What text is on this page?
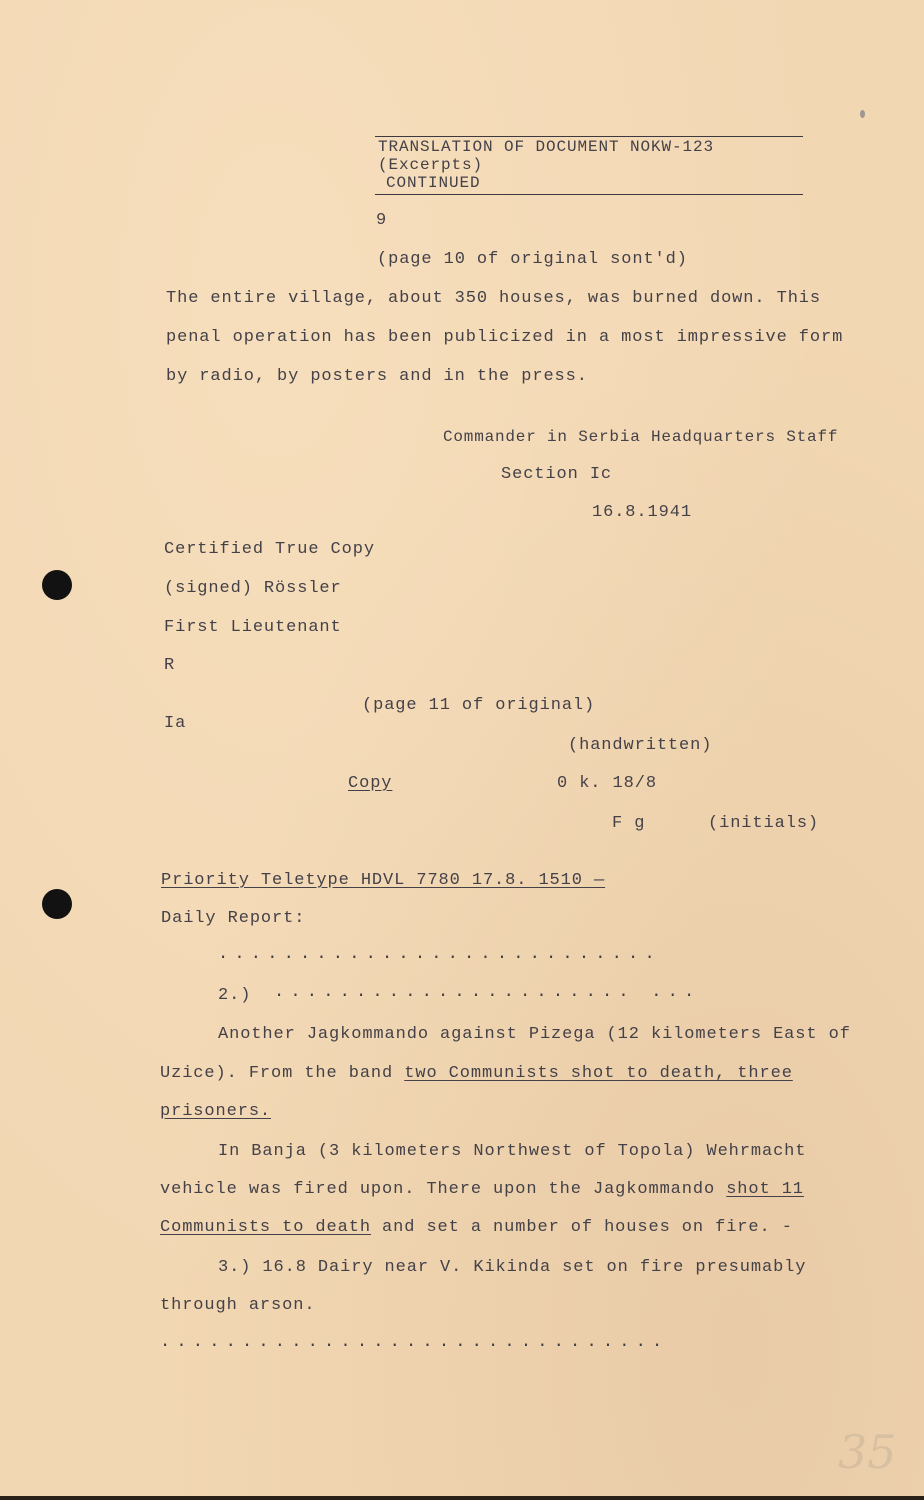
TRANSLATION OF DOCUMENT NOKW-123
(Excerpts)
CONTINUED
9
(page 10 of original sont'd)
The entire village, about 350 houses, was burned down. This
penal operation has been publicized in a most impressive form
by radio, by posters and in the press.
Commander in Serbia Headquarters Staff
Section Ic
16.8.1941
Certified True Copy
(signed) Rössler
First Lieutenant
R
(page 11 of original)
Ia
(handwritten)
Copy	0 k. 18/8
F g	(initials)
Priority Teletype HDVL 7780 17.8. 1510 —
Daily Report:
...........................
2.) ...................... ...
Another Jagkommando against Pizega (12 kilometers East of
Uzice). From the band two Communists shot to death, three
prisoners.
In Banja (3 kilometers Northwest of Topola) Wehrmacht
vehicle was fired upon. There upon the Jagkommando shot 11
Communists to death and set a number of houses on fire. -
3.) 16.8 Dairy near V. Kikinda set on fire presumably
through arson.
...............................
35
